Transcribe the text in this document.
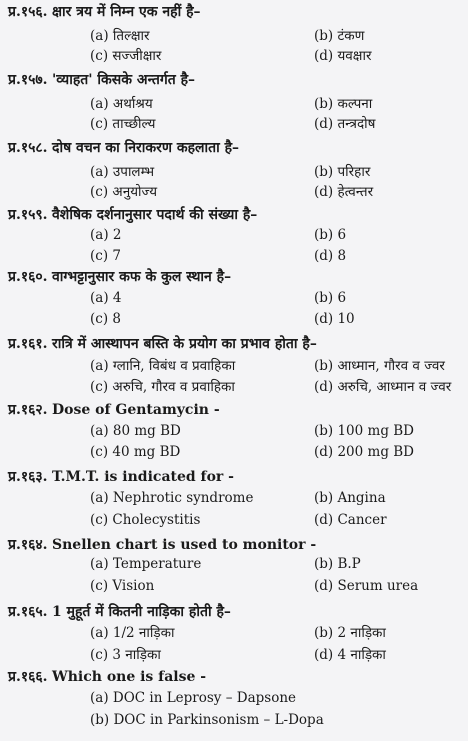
प्र.१५६. क्षार त्रय में निम्न एक नहीं है–
(a) तिल्क्षार	(b) टंकण
(c) सज्जीक्षार	(d) यवक्षार
प्र.१५७. 'व्याहत' किसके अन्तर्गत है–
(a) अर्थाश्रय	(b) कल्पना
(c) ताच्छील्य	(d) तन्त्रदोष
प्र.१५८. दोष वचन का निराकरण कहलाता है–
(a) उपालम्भ	(b) परिहार
(c) अनुयोज्य	(d) हेत्वन्तर
प्र.१५९. वैशेषिक दर्शनानुसार पदार्थ की संख्या है–
(a) 2	(b) 6
(c) 7	(d) 8
प्र.१६०. वाग्भट्टानुसार कफ के कुल स्थान है–
(a) 4	(b) 6
(c) 8	(d) 10
प्र.१६१. रात्रि में आस्थापन बस्ति के प्रयोग का प्रभाव होता है–
(a) ग्लानि, विबंध व प्रवाहिका	(b) आध्मान, गौरव व ज्वर
(c) अरुचि, गौरव व प्रवाहिका	(d) अरुचि, आध्मान व ज्वर
प्र.१६२. Dose of Gentamycin -
(a) 80 mg BD	(b) 100 mg BD
(c) 40 mg BD	(d) 200 mg BD
प्र.१६३. T.M.T. is indicated for -
(a) Nephrotic syndrome	(b) Angina
(c) Cholecystitis	(d) Cancer
प्र.१६४. Snellen chart is used to monitor -
(a) Temperature	(b) B.P
(c) Vision	(d) Serum urea
प्र.१६५. 1 मुहूर्त में कितनी नाड़िका होती है–
(a) 1/2 नाड़िका	(b) 2 नाड़िका
(c) 3 नाड़िका	(d) 4 नाड़िका
प्र.१६६. Which one is false -
(a) DOC in Leprosy – Dapsone
(b) DOC in Parkinsonism – L-Dopa
